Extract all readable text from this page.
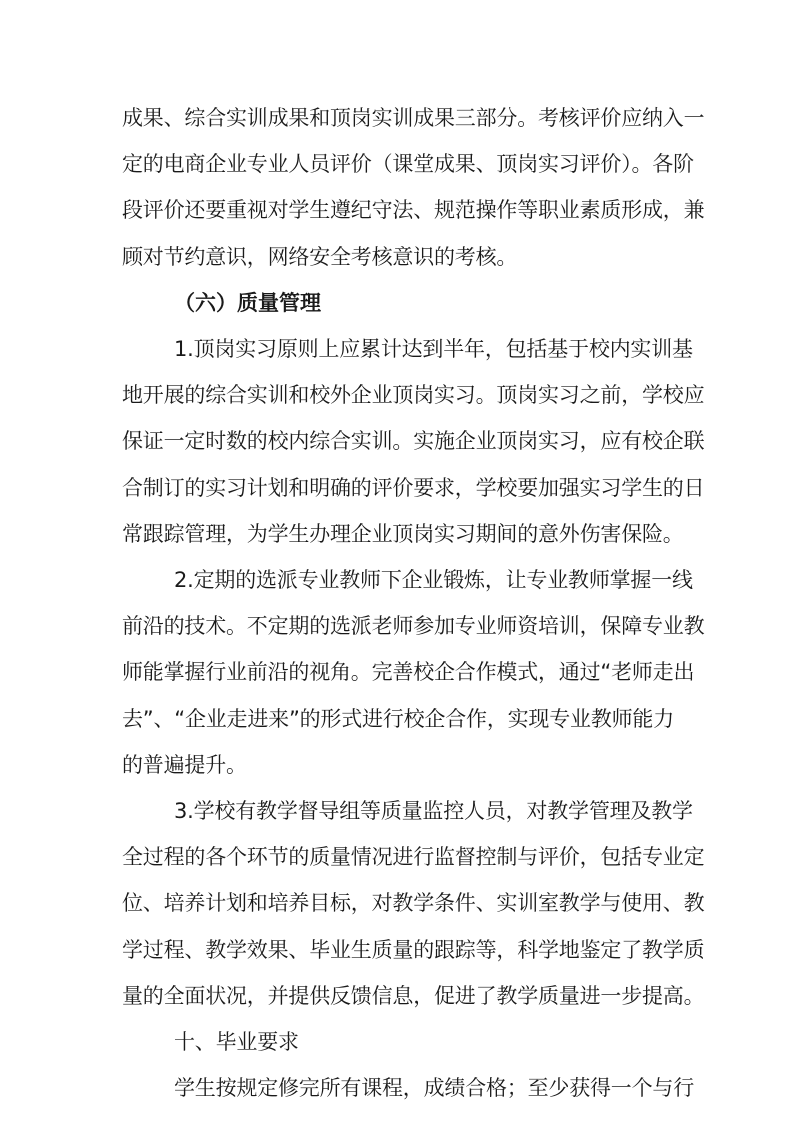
成果、综合实训成果和顶岗实训成果三部分。考核评价应纳入一
定的电商企业专业人员评价（课堂成果、顶岗实习评价）。各阶
段评价还要重视对学生遵纪守法、规范操作等职业素质形成，兼
顾对节约意识，网络安全考核意识的考核。

（六）质量管理

1.顶岗实习原则上应累计达到半年，包括基于校内实训基
地开展的综合实训和校外企业顶岗实习。顶岗实习之前，学校应
保证一定时数的校内综合实训。实施企业顶岗实习，应有校企联
合制订的实习计划和明确的评价要求，学校要加强实习学生的日
常跟踪管理，为学生办理企业顶岗实习期间的意外伤害保险。

2.定期的选派专业教师下企业锻炼，让专业教师掌握一线
前沿的技术。不定期的选派老师参加专业师资培训，保障专业教
师能掌握行业前沿的视角。完善校企合作模式，通过“老师走出
去”、“企业走进来”的形式进行校企合作，实现专业教师能力
的普遍提升。

3.学校有教学督导组等质量监控人员，对教学管理及教学
全过程的各个环节的质量情况进行监督控制与评价，包括专业定
位、培养计划和培养目标，对教学条件、实训室教学与使用、教
学过程、教学效果、毕业生质量的跟踪等，科学地鉴定了教学质
量的全面状况，并提供反馈信息，促进了教学质量进一步提高。

十、毕业要求

学生按规定修完所有课程，成绩合格；至少获得一个与行
